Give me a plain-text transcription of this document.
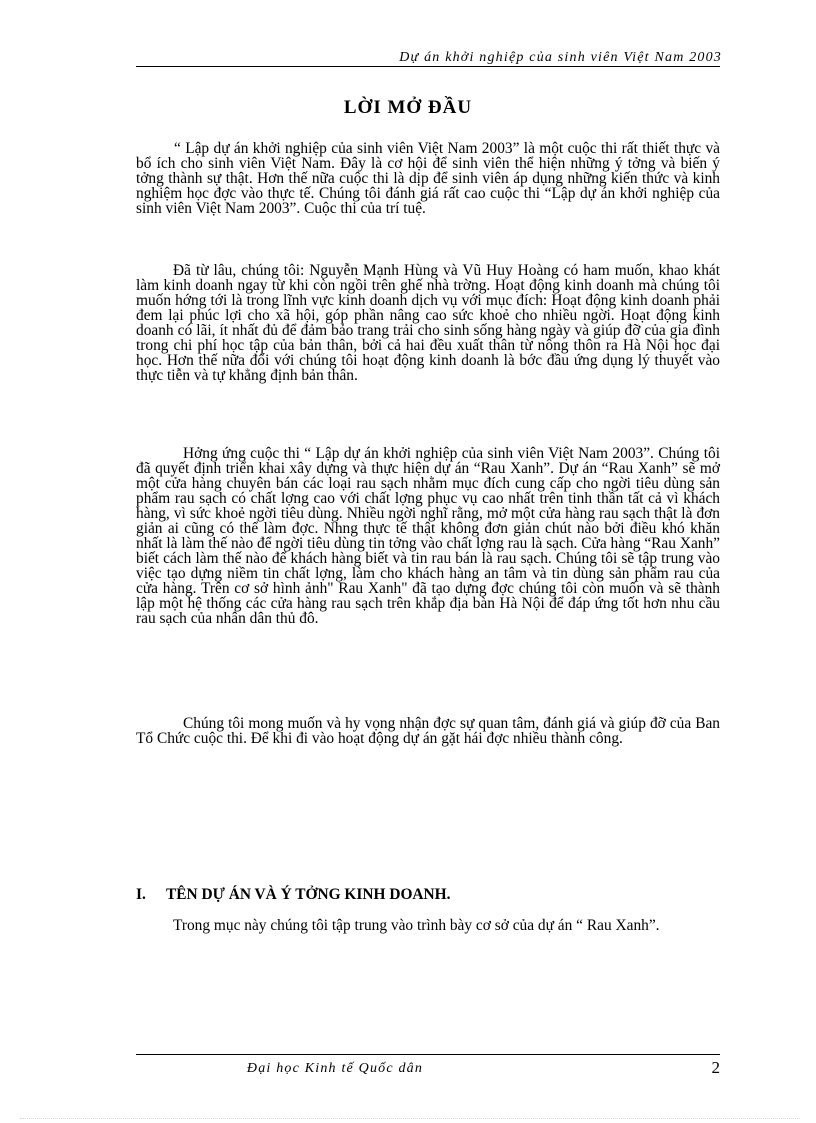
Dự án khởi nghiệp của sinh viên Việt Nam 2003
LỜI MỞ ĐẦU

“ Lập dự án khởi nghiệp của sinh viên Việt Nam 2003” là một cuộc thi rất thiết thực và bổ ích cho sinh viên Việt Nam. Đây là cơ hội để sinh viên thể hiện những ý tởng và biến ý tởng thành sự thật. Hơn thế nữa cuộc thi là dịp để sinh viên áp dụng những kiến thức và kinh nghiệm học đợc vào thực tế. Chúng tôi đánh giá rất cao cuộc thi “Lập dự án khởi nghiệp của sinh viên Việt Nam 2003”. Cuộc thi của trí tuệ.

Đã từ lâu, chúng tôi: Nguyễn Mạnh Hùng và Vũ Huy Hoàng có ham muốn, khao khát làm kinh doanh ngay từ khi còn ngồi trên ghế nhà trờng. Hoạt động kinh doanh mà chúng tôi muốn hớng tới là trong lĩnh vực kinh doanh dịch vụ với mục đích: Hoạt động kinh doanh phải đem lại phúc lợi cho xã hội, góp phần nâng cao sức khoẻ cho nhiều ngời. Hoạt động kinh doanh có lãi, ít nhất đủ để đảm bảo trang trải cho sinh sống hàng ngày và giúp đỡ của gia đình trong chi phí học tập của bản thân, bởi cả hai đều xuất thân từ nông thôn ra Hà Nội học đại học. Hơn thế nữa đối với chúng tôi hoạt động kinh doanh là bớc đầu ứng dụng lý thuyết vào thực tiễn và tự khẳng định bản thân.

Hởng ứng cuộc thi “ Lập dự án khởi nghiệp của sinh viên Việt Nam 2003”. Chúng tôi đã quyết định triển khai xây dựng và thực hiện dự án “Rau Xanh”. Dự án “Rau Xanh” sẽ mở một cửa hàng chuyên bán các loại rau sạch nhằm mục đích cung cấp cho ngời tiêu dùng sản phẩm rau sạch có chất lợng cao với chất lợng phục vụ cao nhất trên tinh thần tất cả vì khách hàng, vì sức khoẻ ngời tiêu dùng. Nhiều ngời nghĩ rằng, mở một cửa hàng rau sạch thật là đơn giản ai cũng có thể làm đợc. Nhng thực tế thật không đơn giản chút nào bởi điều khó khăn nhất là làm thế nào để ngời tiêu dùng tin tởng vào chất lợng rau là sạch. Cửa hàng “Rau Xanh” biết cách làm thế nào để khách hàng biết và tin rau bán là rau sạch. Chúng tôi sẽ tập trung vào việc tạo dựng niềm tin chất lợng, làm cho khách hàng an tâm và tin dùng sản phẩm rau của cửa hàng. Trên cơ sở hình ảnh" Rau Xanh" đã tạo dựng đợc chúng tôi còn muốn và sẽ thành lập một hệ thống các cửa hàng rau sạch trên khắp địa bàn Hà Nội để đáp ứng tốt hơn nhu cầu rau sạch của nhân dân thủ đô.

Chúng tôi mong muốn và hy vọng nhận đợc sự quan tâm, đánh giá và giúp đỡ của Ban Tổ Chức cuộc thi. Để khi đi vào hoạt động dự án gặt hái đợc nhiều thành công.

I. TÊN DỰ ÁN VÀ Ý TỞNG KINH DOANH.

Trong mục này chúng tôi tập trung vào trình bày cơ sở của dự án “ Rau Xanh”.

Đại học Kinh tế Quốc dân	2
